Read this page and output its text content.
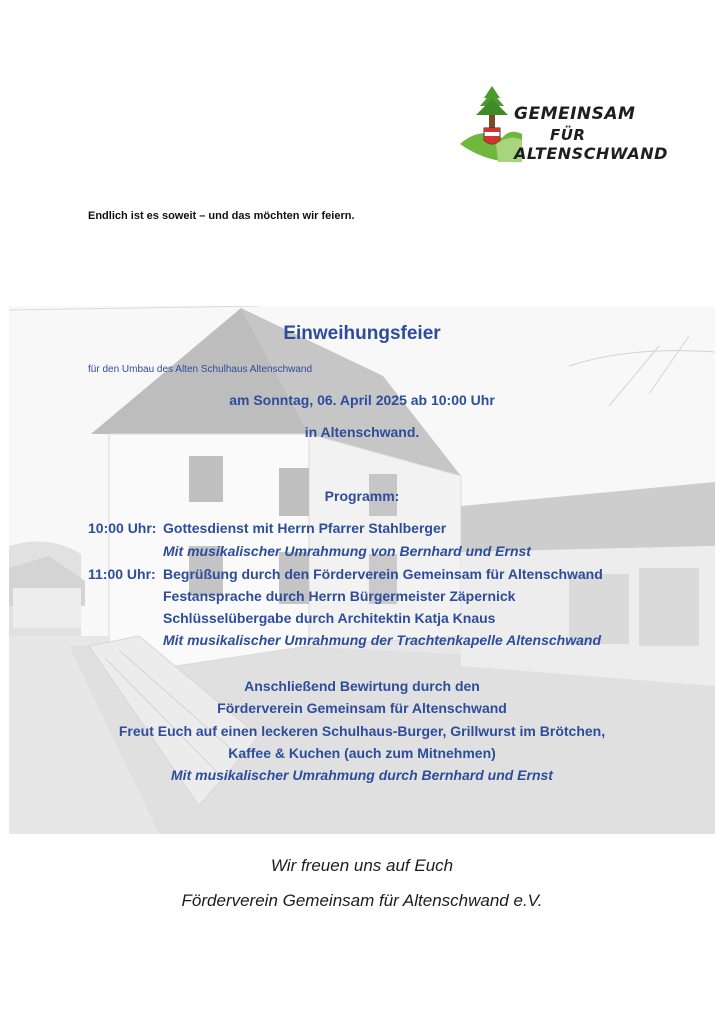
GEMEINSAM
FÜR
ALTENSCHWAND
Endlich ist es soweit – und das möchten wir feiern.
Einweihungsfeier
für den Umbau des Alten Schulhaus Altenschwand
am Sonntag, 06. April 2025 ab 10:00 Uhr
in Altenschwand.
Programm:
10:00 Uhr: Gottesdienst mit Herrn Pfarrer Stahlberger
Mit musikalischer Umrahmung von Bernhard und Ernst
11:00 Uhr: Begrüßung durch den Förderverein Gemeinsam für Altenschwand
Festansprache durch Herrn Bürgermeister Zäpernick
Schlüsselübergabe durch Architektin Katja Knaus
Mit musikalischer Umrahmung der Trachtenkapelle Altenschwand
Anschließend Bewirtung durch den
Förderverein Gemeinsam für Altenschwand
Freut Euch auf einen leckeren Schulhaus-Burger, Grillwurst im Brötchen,
Kaffee & Kuchen (auch zum Mitnehmen)
Mit musikalischer Umrahmung durch Bernhard und Ernst
Wir freuen uns auf Euch
Förderverein Gemeinsam für Altenschwand e.V.
